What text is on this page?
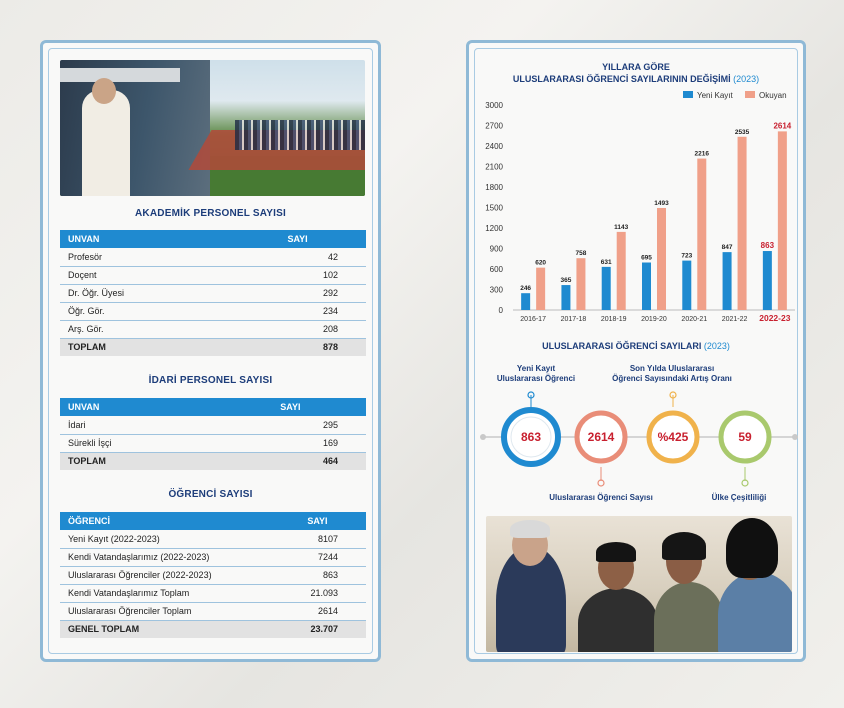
AKADEMİK PERSONEL SAYISI
UNVAN	SAYI
Profesör	42
Doçent	102
Dr. Öğr. Üyesi	292
Öğr. Gör.	234
Arş. Gör.	208
TOPLAM	878
İDARİ PERSONEL SAYISI
UNVAN	SAYI
İdari	295
Sürekli İşçi	169
TOPLAM	464
ÖĞRENCİ SAYISI
ÖĞRENCİ	SAYI
Yeni Kayıt (2022-2023)	8107
Kendi Vatandaşlarımız (2022-2023)	7244
Uluslararası Öğrenciler (2022-2023)	863
Kendi Vatandaşlarımız Toplam	21.093
Uluslararası Öğrenciler Toplam	2614
GENEL TOPLAM	23.707
YILLARA GÖRE
ULUSLARARASI ÖĞRENCİ SAYILARININ DEĞİŞİMİ (2023)
0
300
600
900
1200
1500
1800
2100
2400
2700
3000
Yeni Kayıt	Okuyan
246
620
2016-17
365
758
2017-18
631
1143
2018-19
695
1493
2019-20
723
2216
2020-21
847
2535
2021-22
863
2614
2022-23
ULUSLARARASI ÖĞRENCİ SAYILARI (2023)
Yeni Kayıt
Uluslararası Öğrenci
Son Yılda Uluslararası
Öğrenci Sayısındaki Artış Oranı
863	2614	%425	59
Uluslararası Öğrenci Sayısı	Ülke Çeşitliliği
